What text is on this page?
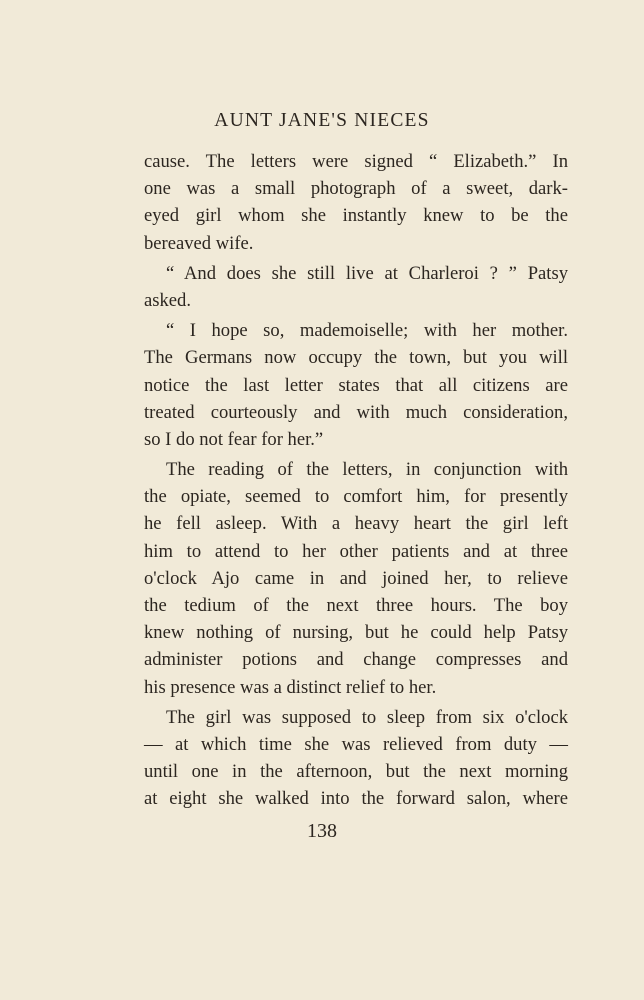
AUNT JANE'S NIECES
cause. The letters were signed “ Elizabeth.” In
one was a small photograph of a sweet, dark-
eyed girl whom she instantly knew to be the
bereaved wife.
“ And does she still live at Charleroi ? ” Patsy
asked.
“ I hope so, mademoiselle; with her mother.
The Germans now occupy the town, but you will
notice the last letter states that all citizens are
treated courteously and with much consideration,
so I do not fear for her.”
The reading of the letters, in conjunction with
the opiate, seemed to comfort him, for presently
he fell asleep. With a heavy heart the girl left
him to attend to her other patients and at three
o'clock Ajo came in and joined her, to relieve
the tedium of the next three hours. The boy
knew nothing of nursing, but he could help Patsy
administer potions and change compresses and
his presence was a distinct relief to her.
The girl was supposed to sleep from six o'clock
— at which time she was relieved from duty —
until one in the afternoon, but the next morning
at eight she walked into the forward salon, where
138
